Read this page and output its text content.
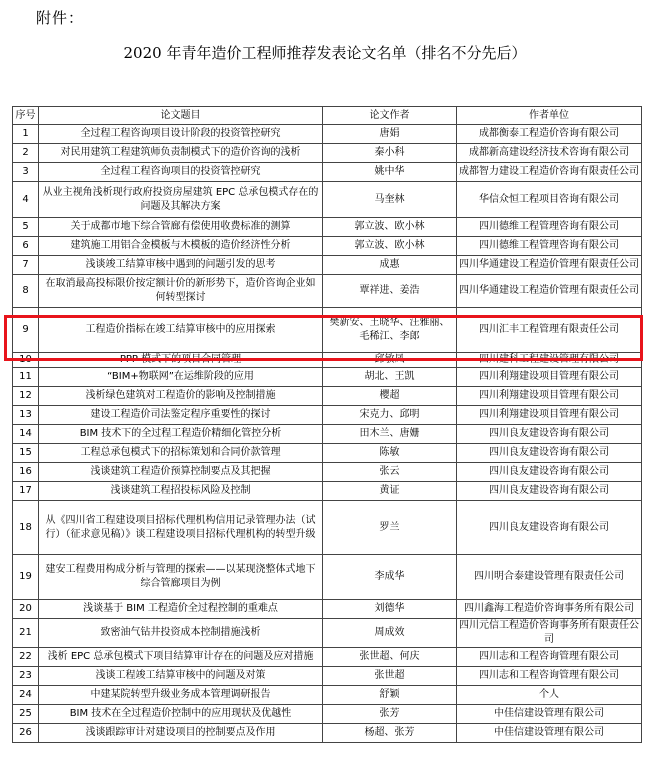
附件：
2020 年青年造价工程师推荐发表论文名单（排名不分先后）
序号	论文题目	论文作者	作者单位
1	全过程工程咨询项目设计阶段的投资管控研究	唐娟	成都衡泰工程造价咨询有限公司
2	对民用建筑工程建筑师负责制模式下的造价咨询的浅析	秦小科	成都新高建设经济技术咨询有限公司
3	全过程工程咨询项目的投资管控研究	姚中华	成都智力建设工程造价咨询有限责任公司
4	从业主视角浅析现行政府投资房屋建筑 EPC 总承包模式存在的问题及其解决方案	马奎林	华信众恒工程项目咨询有限公司
5	关于成都市地下综合管廊有偿使用收费标准的测算	郭立波、欧小林	四川德维工程管理咨询有限公司
6	建筑施工用铝合金模板与木模板的造价经济性分析	郭立波、欧小林	四川德维工程管理咨询有限公司
7	浅谈竣工结算审核中遇到的问题引发的思考	成惠	四川华通建设工程造价管理有限责任公司
8	在取消最高投标限价按定额计价的新形势下，造价咨询企业如何转型探讨	覃祥进、姜浩	四川华通建设工程造价管理有限责任公司
9	工程造价指标在竣工结算审核中的应用探索	樊新安、王晓华、汪雅丽、毛稀江、李郎	四川汇丰工程管理有限责任公司
10	PPP 模式下的项目合同管理	邱敏凤	四川建科工程建设管理有限公司
11	“BIM+物联网”在运维阶段的应用	胡北、王凯	四川利翔建设项目管理有限公司
12	浅析绿色建筑对工程造价的影响及控制措施	樱超	四川利翔建设项目管理有限公司
13	建设工程造价司法鉴定程序重要性的探讨	宋克力、邱明	四川利翔建设项目管理有限公司
14	BIM 技术下的全过程工程造价精细化管控分析	田木兰、唐姗	四川良友建设咨询有限公司
15	工程总承包模式下的招标策划和合同价款管理	陈敏	四川良友建设咨询有限公司
16	浅谈建筑工程造价预算控制要点及其把握	张云	四川良友建设咨询有限公司
17	浅谈建筑工程招投标风险及控制	黄证	四川良友建设咨询有限公司
18	从《四川省工程建设项目招标代理机构信用记录管理办法（试行）（征求意见稿）》谈工程建设项目招标代理机构的转型升级	罗兰	四川良友建设咨询有限公司
19	建安工程费用构成分析与管理的探索——以某现浇整体式地下综合管廊项目为例	李成华	四川明合泰建设管理有限责任公司
20	浅谈基于 BIM 工程造价全过程控制的重难点	刘德华	四川鑫海工程造价咨询事务所有限公司
21	致密油气钻井投资成本控制措施浅析	周成效	四川元信工程造价咨询事务所有限责任公司
22	浅析 EPC 总承包模式下项目结算审计存在的问题及应对措施	张世超、何庆	四川志和工程咨询管理有限公司
23	浅谈工程竣工结算审核中的问题及对策	张世超	四川志和工程咨询管理有限公司
24	中建某院转型升级业务成本管理调研报告	舒颖	个人
25	BIM 技术在全过程造价控制中的应用现状及优越性	张芳	中佳信建设管理有限公司
26	浅谈跟踪审计对建设项目的控制要点及作用	杨超、张芳	中佳信建设管理有限公司
